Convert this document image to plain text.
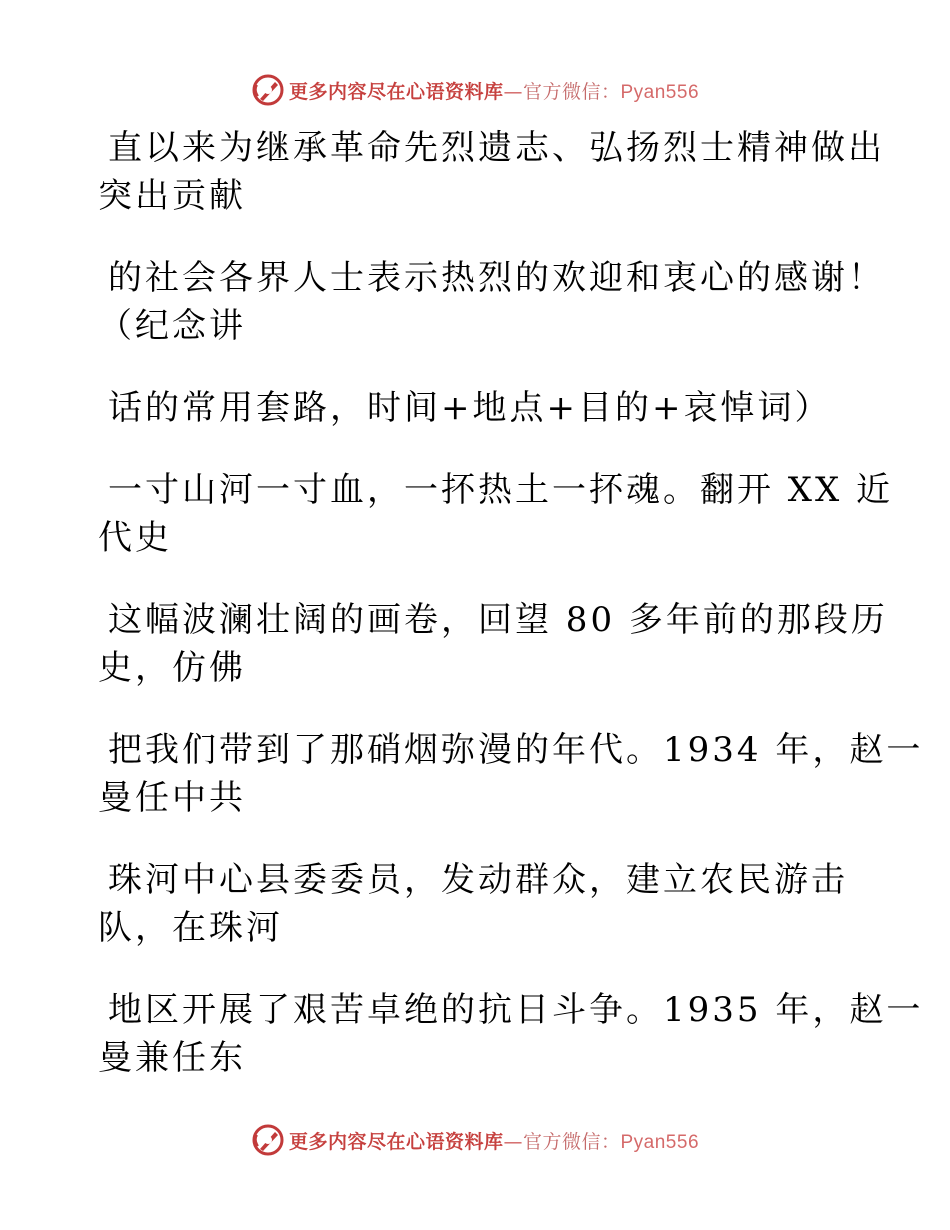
更多内容尽在心语资料库—官方微信：Pyan556
直以来为继承革命先烈遗志、弘扬烈士精神做出
突出贡献
的社会各界人士表示热烈的欢迎和衷心的感谢！
（纪念讲
话的常用套路，时间+地点+目的+哀悼词）
一寸山河一寸血，一抔热土一抔魂。翻开 XX 近
代史
这幅波澜壮阔的画卷，回望 80 多年前的那段历
史，仿佛
把我们带到了那硝烟弥漫的年代。1934 年，赵一
曼任中共
珠河中心县委委员，发动群众，建立农民游击
队，在珠河
地区开展了艰苦卓绝的抗日斗争。1935 年，赵一
曼兼任东
更多内容尽在心语资料库—官方微信：Pyan556
